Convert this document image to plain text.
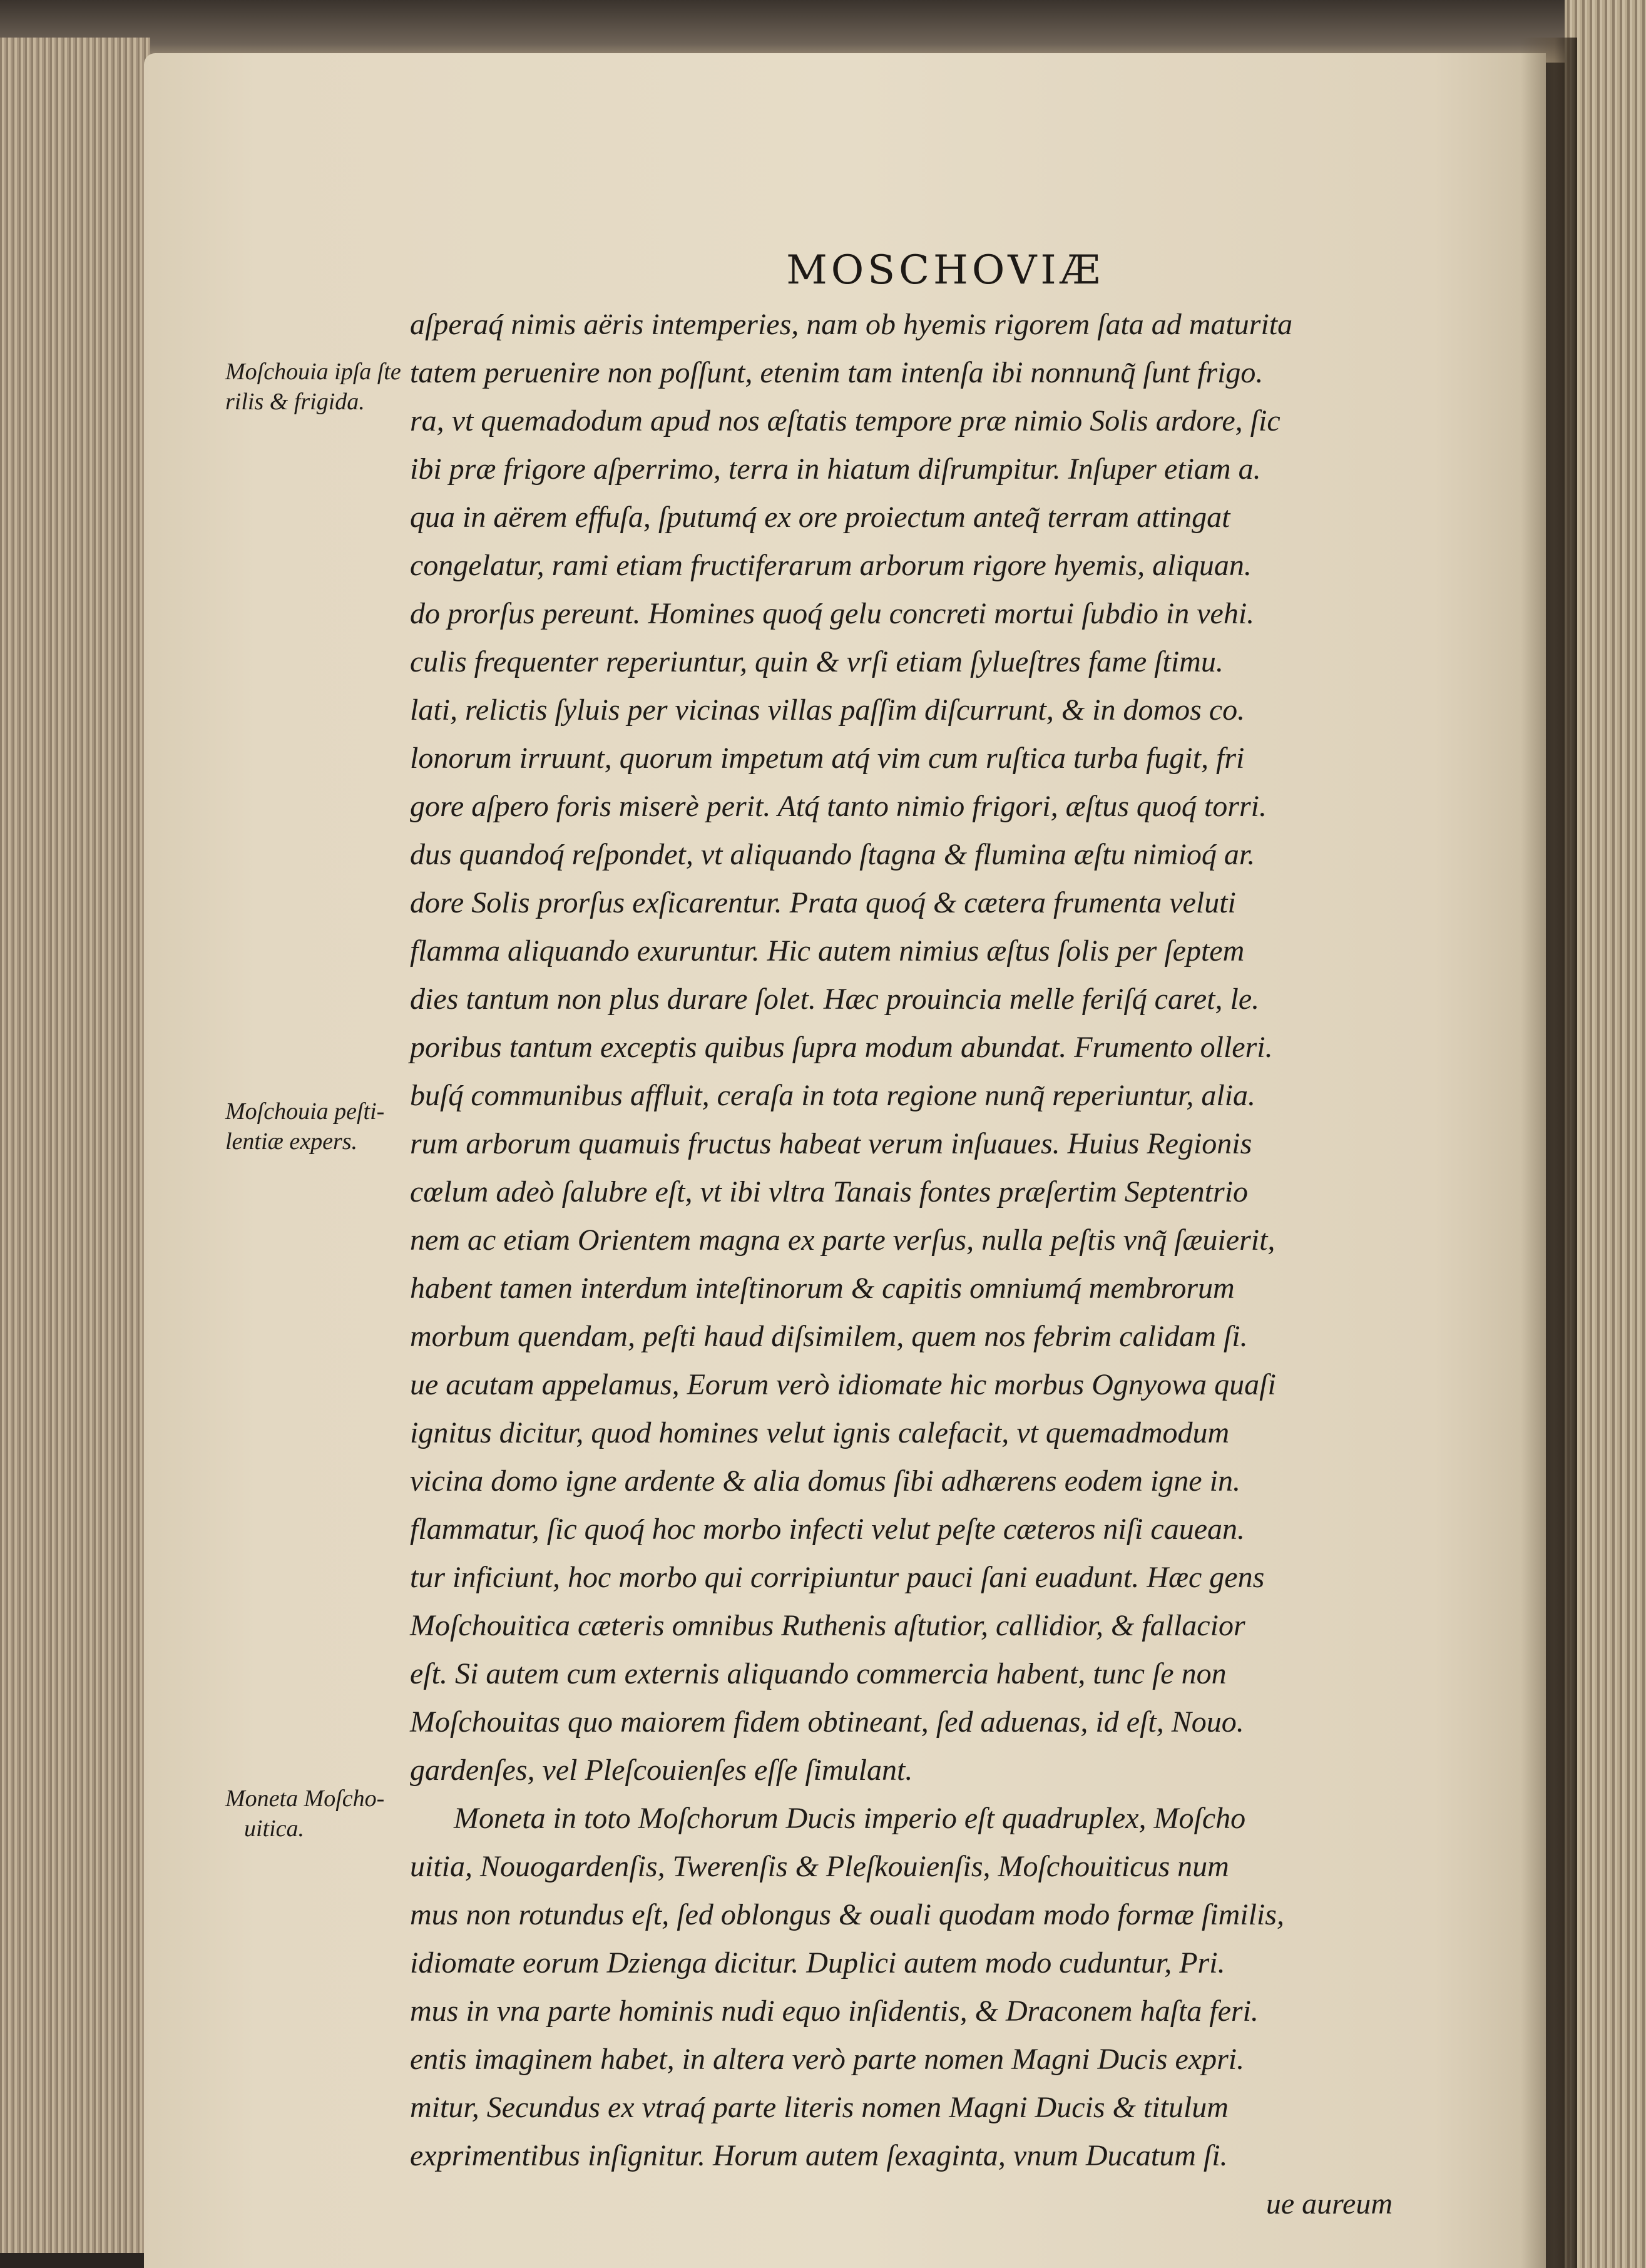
MOSCHOVIÆ
Moſchouia ipſa ſte
rilis & frigida.
Moſchouia peſti-
lentiæ expers.
Moneta Moſcho-
uitica.
aſperaq́ nimis aëris intemperies, nam ob hyemis rigorem ſata ad maturita
tatem peruenire non poſſunt, etenim tam intenſa ibi nonnunq̃ ſunt frigo.
ra, vt quemadodum apud nos æſtatis tempore præ nimio Solis ardore, ſic
ibi præ frigore aſperrimo, terra in hiatum diſrumpitur. Inſuper etiam a.
qua in aërem effuſa, ſputumq́ ex ore proiectum anteq̃ terram attingat
congelatur, rami etiam fructiferarum arborum rigore hyemis, aliquan.
do prorſus pereunt. Homines quoq́ gelu concreti mortui ſubdio in vehi.
culis frequenter reperiuntur, quin & vrſi etiam ſylueſtres fame ſtimu.
lati, relictis ſyluis per vicinas villas paſſim diſcurrunt, & in domos co.
lonorum irruunt, quorum impetum atq́ vim cum ruſtica turba fugit, fri
gore aſpero foris miserè perit. Atq́ tanto nimio frigori, æſtus quoq́ torri.
dus quandoq́ reſpondet, vt aliquando ſtagna & flumina æſtu nimioq́ ar.
dore Solis prorſus exſicarentur. Prata quoq́ & cætera frumenta veluti
flamma aliquando exuruntur. Hic autem nimius æſtus ſolis per ſeptem
dies tantum non plus durare ſolet. Hæc prouincia melle feriſq́ caret, le.
poribus tantum exceptis quibus ſupra modum abundat. Frumento olleri.
buſq́ communibus affluit, ceraſa in tota regione nunq̃ reperiuntur, alia.
rum arborum quamuis fructus habeat verum inſuaues. Huius Regionis
cœlum adeò ſalubre eſt, vt ibi vltra Tanais fontes præſertim Septentrio
nem ac etiam Orientem magna ex parte verſus, nulla peſtis vnq̃ ſæuierit,
habent tamen interdum inteſtinorum & capitis omniumq́ membrorum
morbum quendam, peſti haud diſsimilem, quem nos febrim calidam ſi.
ue acutam appelamus, Eorum verò idiomate hic morbus Ognyowa quaſi
ignitus dicitur, quod homines velut ignis calefacit, vt quemadmodum
vicina domo igne ardente & alia domus ſibi adhærens eodem igne in.
flammatur, ſic quoq́ hoc morbo infecti velut peſte cæteros niſi cauean.
tur inficiunt, hoc morbo qui corripiuntur pauci ſani euadunt. Hæc gens
Moſchouitica cæteris omnibus Ruthenis aſtutior, callidior, & fallacior
eſt. Si autem cum externis aliquando commercia habent, tunc ſe non
Moſchouitas quo maiorem fidem obtineant, ſed aduenas, id eſt, Nouo.
gardenſes, vel Pleſcouienſes eſſe ſimulant.
Moneta in toto Moſchorum Ducis imperio eſt quadruplex, Moſcho
uitia, Nouogardenſis, Twerenſis & Pleſkouienſis, Moſchouiticus num
mus non rotundus eſt, ſed oblongus & ouali quodam modo formæ ſimilis,
idiomate eorum Dzienga dicitur. Duplici autem modo cuduntur, Pri.
mus in vna parte hominis nudi equo inſidentis, & Draconem haſta feri.
entis imaginem habet, in altera verò parte nomen Magni Ducis expri.
mitur, Secundus ex vtraq́ parte literis nomen Magni Ducis & titulum
exprimentibus inſignitur. Horum autem ſexaginta, vnum Ducatum ſi.
ue aureum
